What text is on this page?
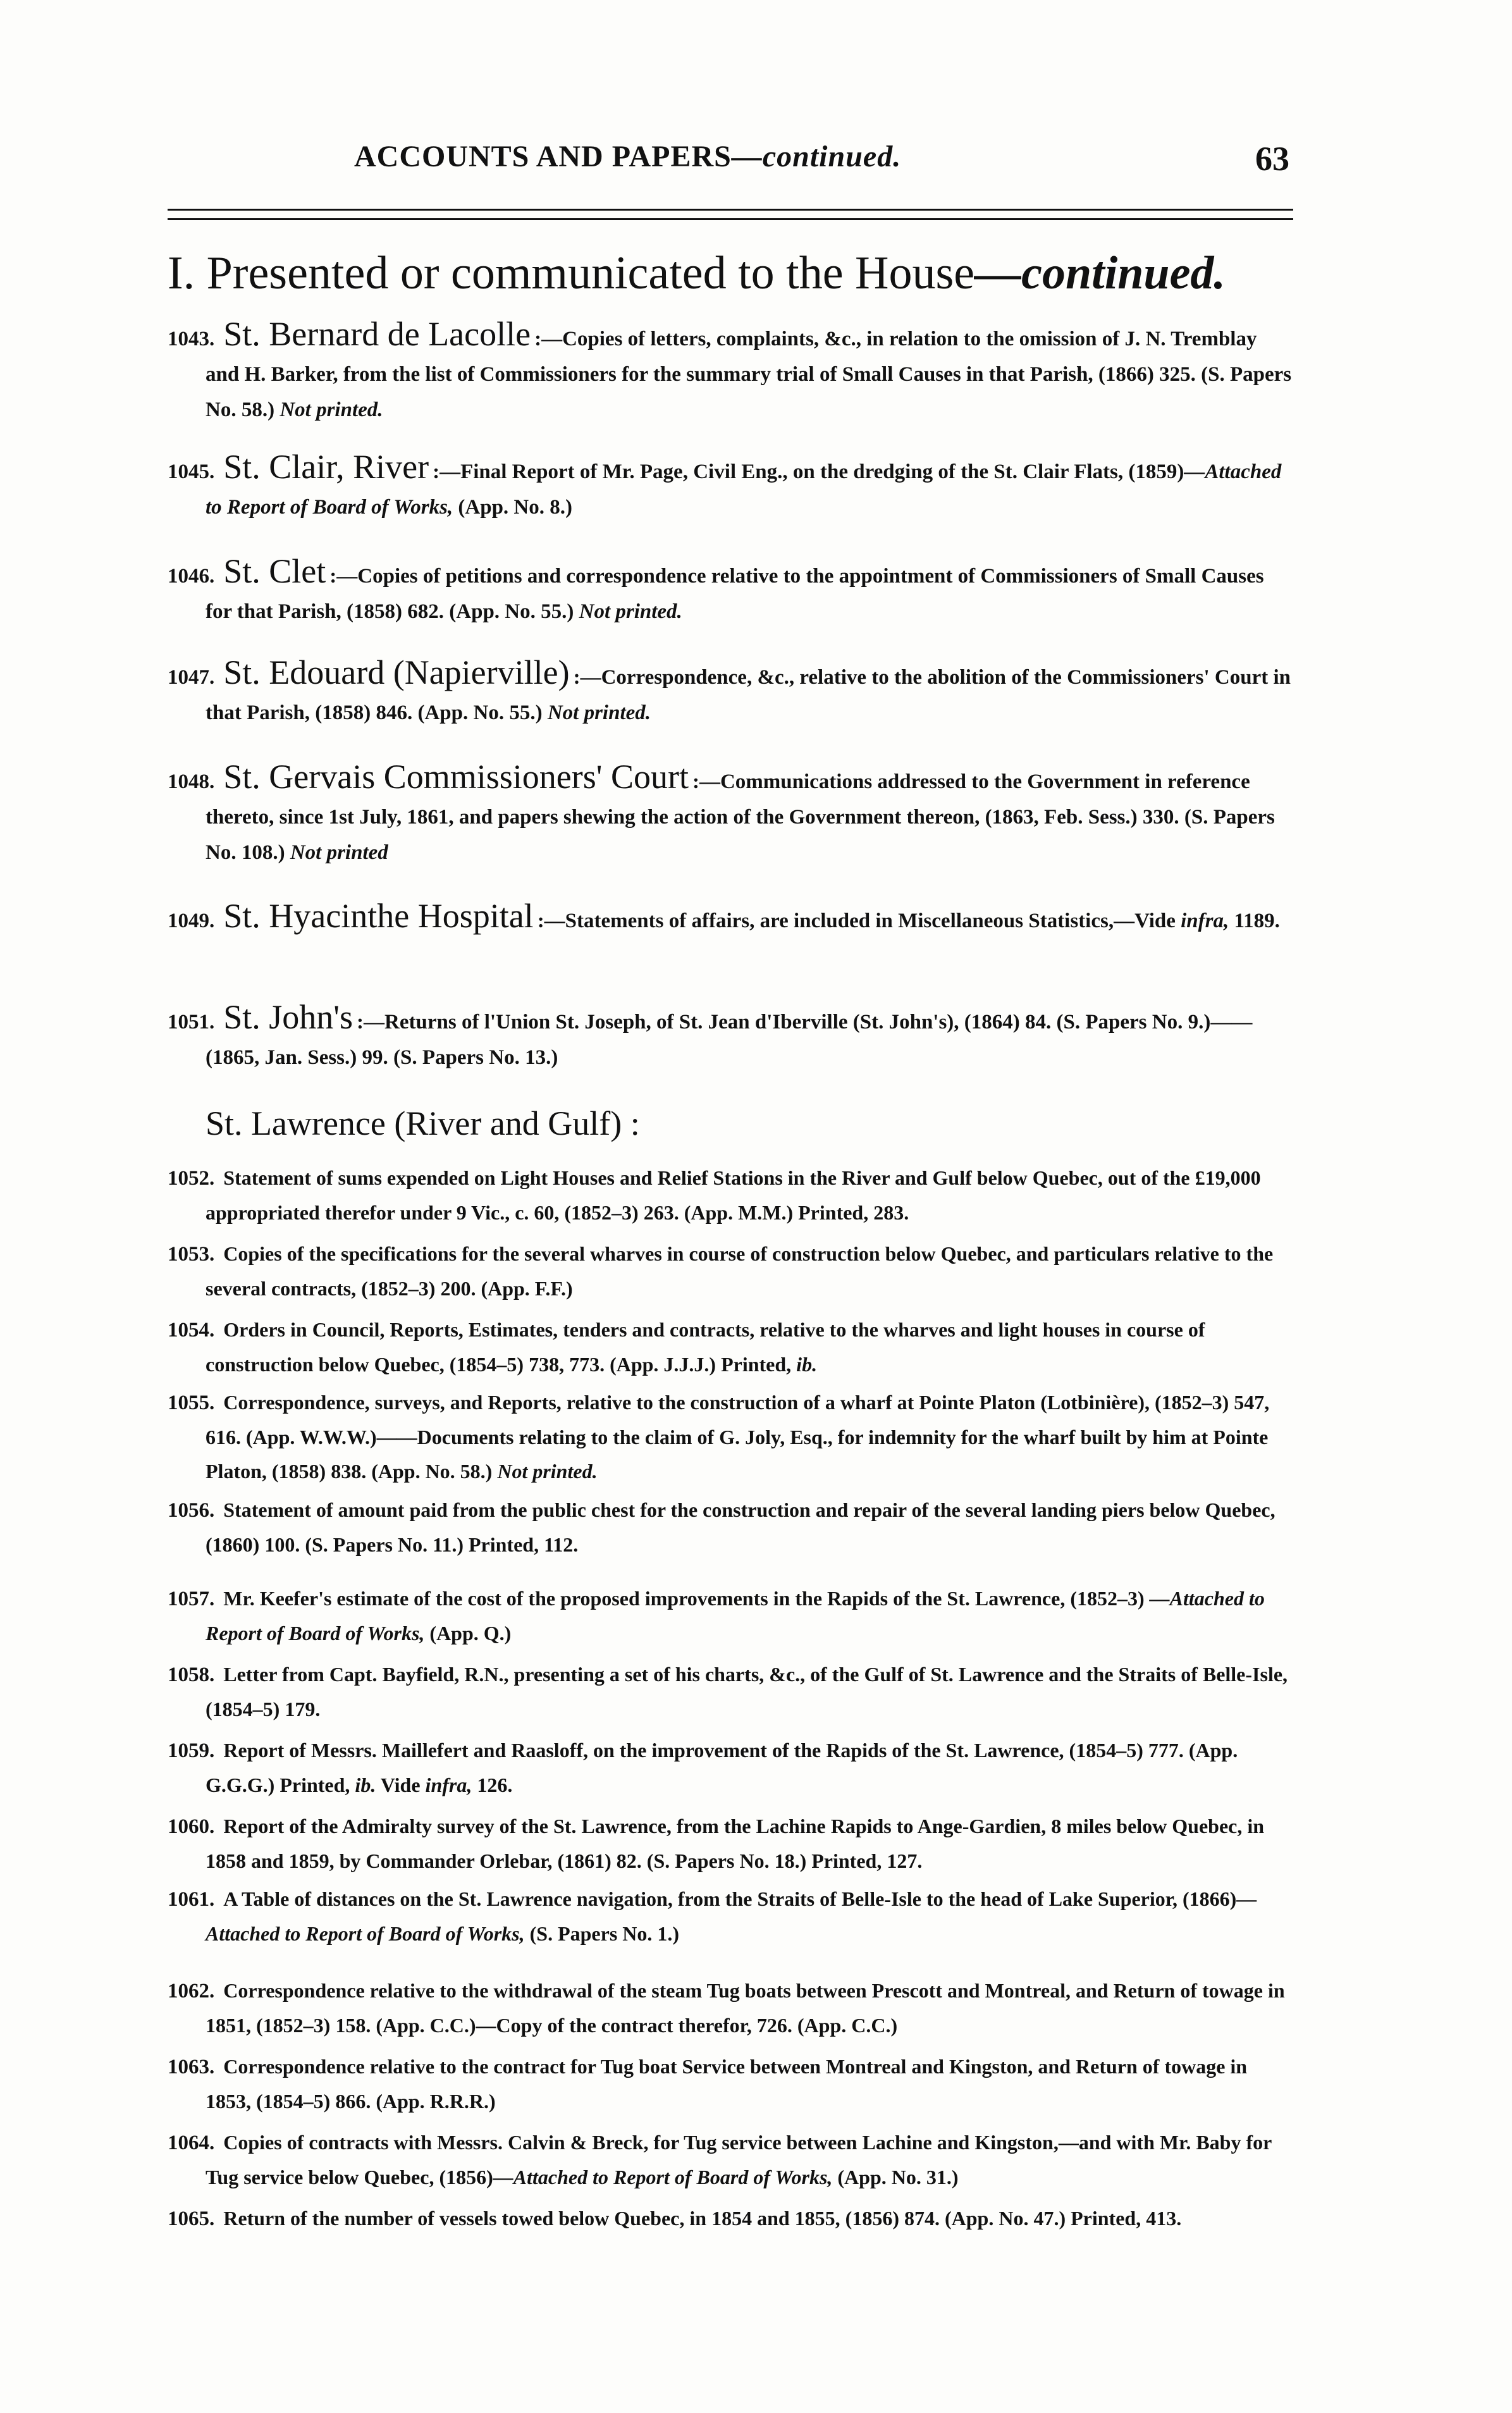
ACCOUNTS AND PAPERS—continued.	63
I. Presented or communicated to the House—continued.
1043. St. Bernard de Lacolle :—Copies of letters, complaints, &c., in relation to the omission of J. N. Tremblay and H. Barker, from the list of Commissioners for the summary trial of Small Causes in that Parish, (1866) 325. (S. Papers No. 58.) Not printed.
1045. St. Clair, River :—Final Report of Mr. Page, Civil Eng., on the dredging of the St. Clair Flats, (1859)—Attached to Report of Board of Works, (App. No. 8.)
1046. St. Clet :—Copies of petitions and correspondence relative to the appointment of Commissioners of Small Causes for that Parish, (1858) 682. (App. No. 55.) Not printed.
1047. St. Edouard (Napierville) :—Correspondence, &c., relative to the abolition of the Commissioners' Court in that Parish, (1858) 846. (App. No. 55.) Not printed.
1048. St. Gervais Commissioners' Court :—Communications addressed to the Government in reference thereto, since 1st July, 1861, and papers shewing the action of the Government thereon, (1863, Feb. Sess.) 330. (S. Papers No. 108.) Not printed
1049. St. Hyacinthe Hospital :—Statements of affairs, are included in Miscellaneous Statistics,—Vide infra, 1189.
1051. St. John's :—Returns of l'Union St. Joseph, of St. Jean d'Iberville (St. John's), (1864) 84. (S. Papers No. 9.)——(1865, Jan. Sess.) 99. (S. Papers No. 13.)
St. Lawrence (River and Gulf) :
1052. Statement of sums expended on Light Houses and Relief Stations in the River and Gulf below Quebec, out of the £19,000 appropriated therefor under 9 Vic., c. 60, (1852–3) 263. (App. M.M.) Printed, 283.
1053. Copies of the specifications for the several wharves in course of construction below Quebec, and particulars relative to the several contracts, (1852–3) 200. (App. F.F.)
1054. Orders in Council, Reports, Estimates, tenders and contracts, relative to the wharves and light houses in course of construction below Quebec, (1854–5) 738, 773. (App. J.J.J.) Printed, ib.
1055. Correspondence, surveys, and Reports, relative to the construction of a wharf at Pointe Platon (Lotbinière), (1852–3) 547, 616. (App. W.W.W.)——Documents relating to the claim of G. Joly, Esq., for indemnity for the wharf built by him at Pointe Platon, (1858) 838. (App. No. 58.) Not printed.
1056. Statement of amount paid from the public chest for the construction and repair of the several landing piers below Quebec, (1860) 100. (S. Papers No. 11.) Printed, 112.
1057. Mr. Keefer's estimate of the cost of the proposed improvements in the Rapids of the St. Lawrence, (1852–3) —Attached to Report of Board of Works, (App. Q.)
1058. Letter from Capt. Bayfield, R.N., presenting a set of his charts, &c., of the Gulf of St. Lawrence and the Straits of Belle-Isle, (1854–5) 179.
1059. Report of Messrs. Maillefert and Raasloff, on the improvement of the Rapids of the St. Lawrence, (1854–5) 777. (App. G.G.G.) Printed, ib. Vide infra, 126.
1060. Report of the Admiralty survey of the St. Lawrence, from the Lachine Rapids to Ange-Gardien, 8 miles below Quebec, in 1858 and 1859, by Commander Orlebar, (1861) 82. (S. Papers No. 18.) Printed, 127.
1061. A Table of distances on the St. Lawrence navigation, from the Straits of Belle-Isle to the head of Lake Superior, (1866)—Attached to Report of Board of Works, (S. Papers No. 1.)
1062. Correspondence relative to the withdrawal of the steam Tug boats between Prescott and Montreal, and Return of towage in 1851, (1852–3) 158. (App. C.C.)—Copy of the contract therefor, 726. (App. C.C.)
1063. Correspondence relative to the contract for Tug boat Service between Montreal and Kingston, and Return of towage in 1853, (1854–5) 866. (App. R.R.R.)
1064. Copies of contracts with Messrs. Calvin & Breck, for Tug service between Lachine and Kingston,—and with Mr. Baby for Tug service below Quebec, (1856)—Attached to Report of Board of Works, (App. No. 31.)
1065. Return of the number of vessels towed below Quebec, in 1854 and 1855, (1856) 874. (App. No. 47.) Printed, 413.
